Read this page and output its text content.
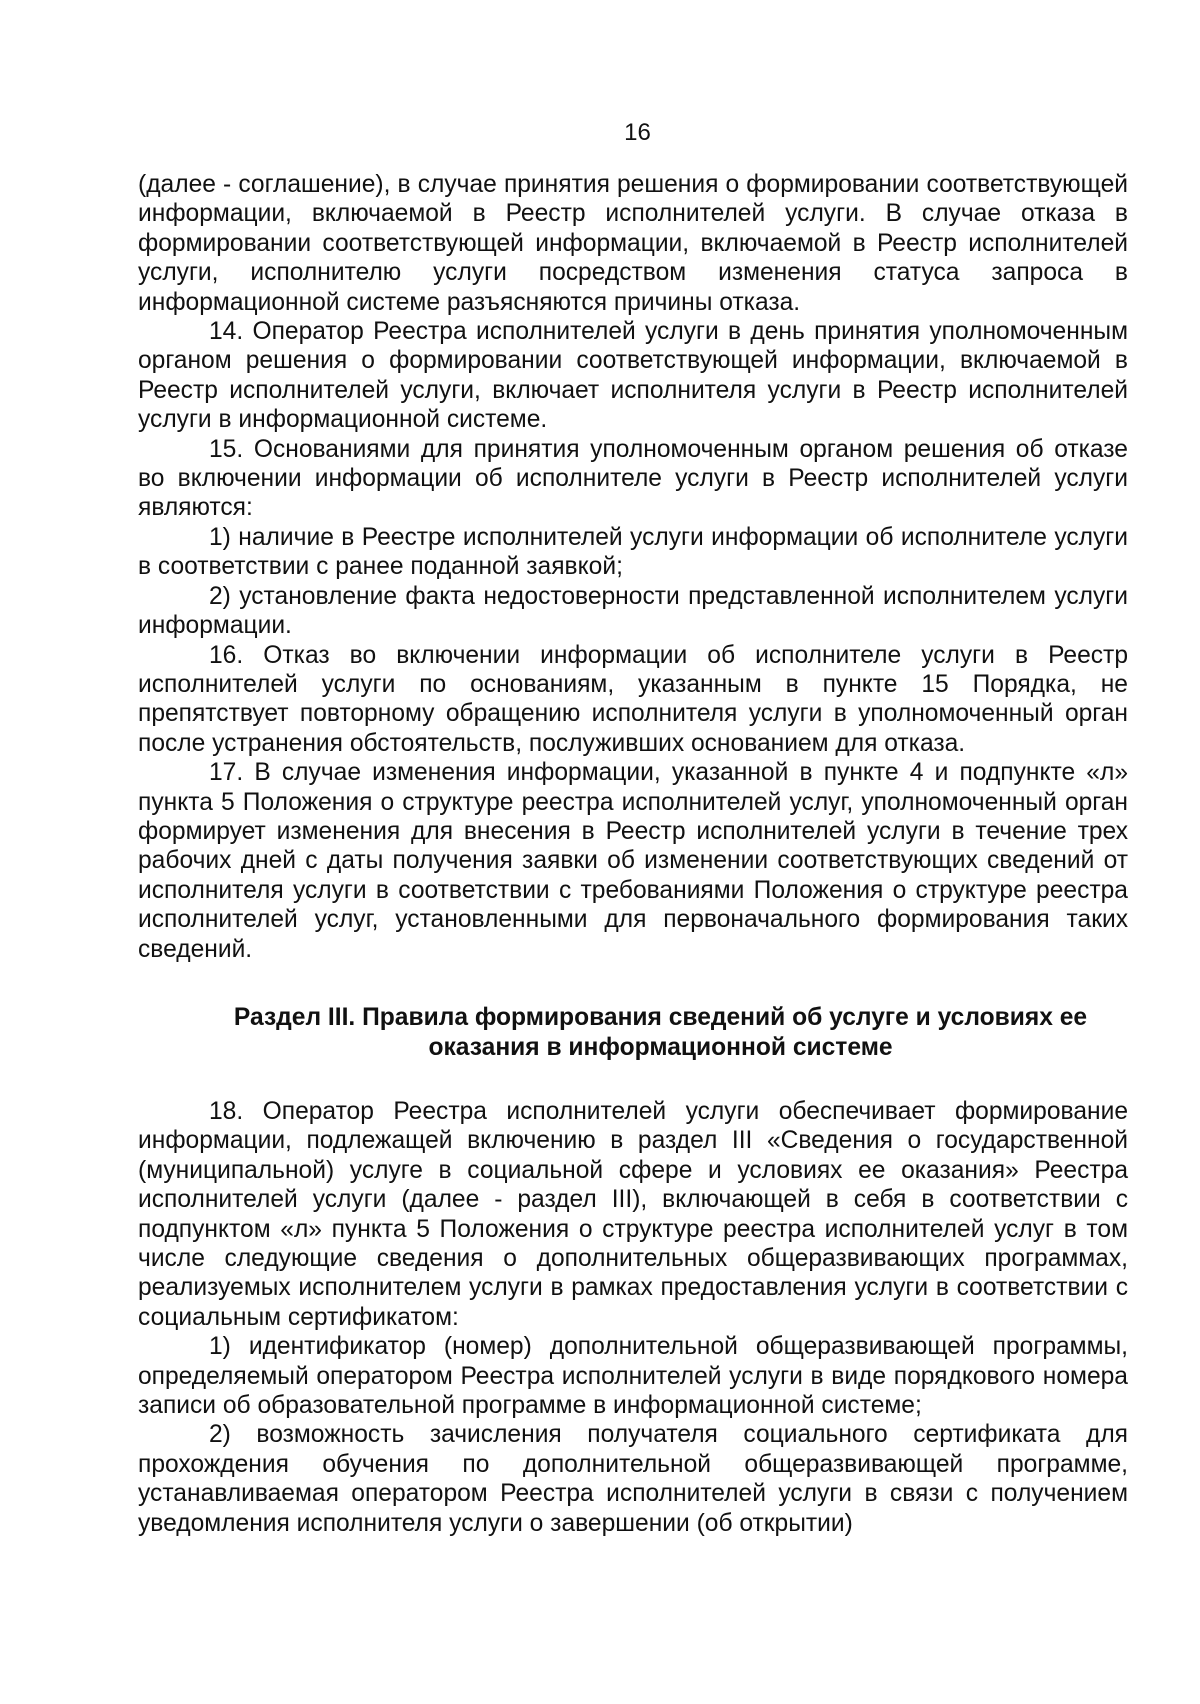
16

(далее - соглашение), в случае принятия решения о формировании соответствующей информации, включаемой в Реестр исполнителей услуги. В случае отказа в формировании соответствующей информации, включаемой в Реестр исполнителей услуги, исполнителю услуги посредством изменения статуса запроса в информационной системе разъясняются причины отказа.

14. Оператор Реестра исполнителей услуги в день принятия уполномоченным органом решения о формировании соответствующей информации, включаемой в Реестр исполнителей услуги, включает исполнителя услуги в Реестр исполнителей услуги в информационной системе.

15. Основаниями для принятия уполномоченным органом решения об отказе во включении информации об исполнителе услуги в Реестр исполнителей услуги являются:

1) наличие в Реестре исполнителей услуги информации об исполнителе услуги в соответствии с ранее поданной заявкой;

2) установление факта недостоверности представленной исполнителем услуги информации.

16. Отказ во включении информации об исполнителе услуги в Реестр исполнителей услуги по основаниям, указанным в пункте 15 Порядка, не препятствует повторному обращению исполнителя услуги в уполномоченный орган после устранения обстоятельств, послуживших основанием для отказа.

17. В случае изменения информации, указанной в пункте 4 и подпункте «л» пункта 5 Положения о структуре реестра исполнителей услуг, уполномоченный орган формирует изменения для внесения в Реестр исполнителей услуги в течение трех рабочих дней с даты получения заявки об изменении соответствующих сведений от исполнителя услуги в соответствии с требованиями Положения о структуре реестра исполнителей услуг, установленными для первоначального формирования таких сведений.

Раздел III. Правила формирования сведений об услуге и условиях ее оказания в информационной системе

18. Оператор Реестра исполнителей услуги обеспечивает формирование информации, подлежащей включению в раздел III «Сведения о государственной (муниципальной) услуге в социальной сфере и условиях ее оказания» Реестра исполнителей услуги (далее - раздел III), включающей в себя в соответствии с подпунктом «л» пункта 5 Положения о структуре реестра исполнителей услуг в том числе следующие сведения о дополнительных общеразвивающих программах, реализуемых исполнителем услуги в рамках предоставления услуги в соответствии с социальным сертификатом:

1) идентификатор (номер) дополнительной общеразвивающей программы, определяемый оператором Реестра исполнителей услуги в виде порядкового номера записи об образовательной программе в информационной системе;

2) возможность зачисления получателя социального сертификата для прохождения обучения по дополнительной общеразвивающей программе, устанавливаемая оператором Реестра исполнителей услуги в связи с получением уведомления исполнителя услуги о завершении (об открытии)
